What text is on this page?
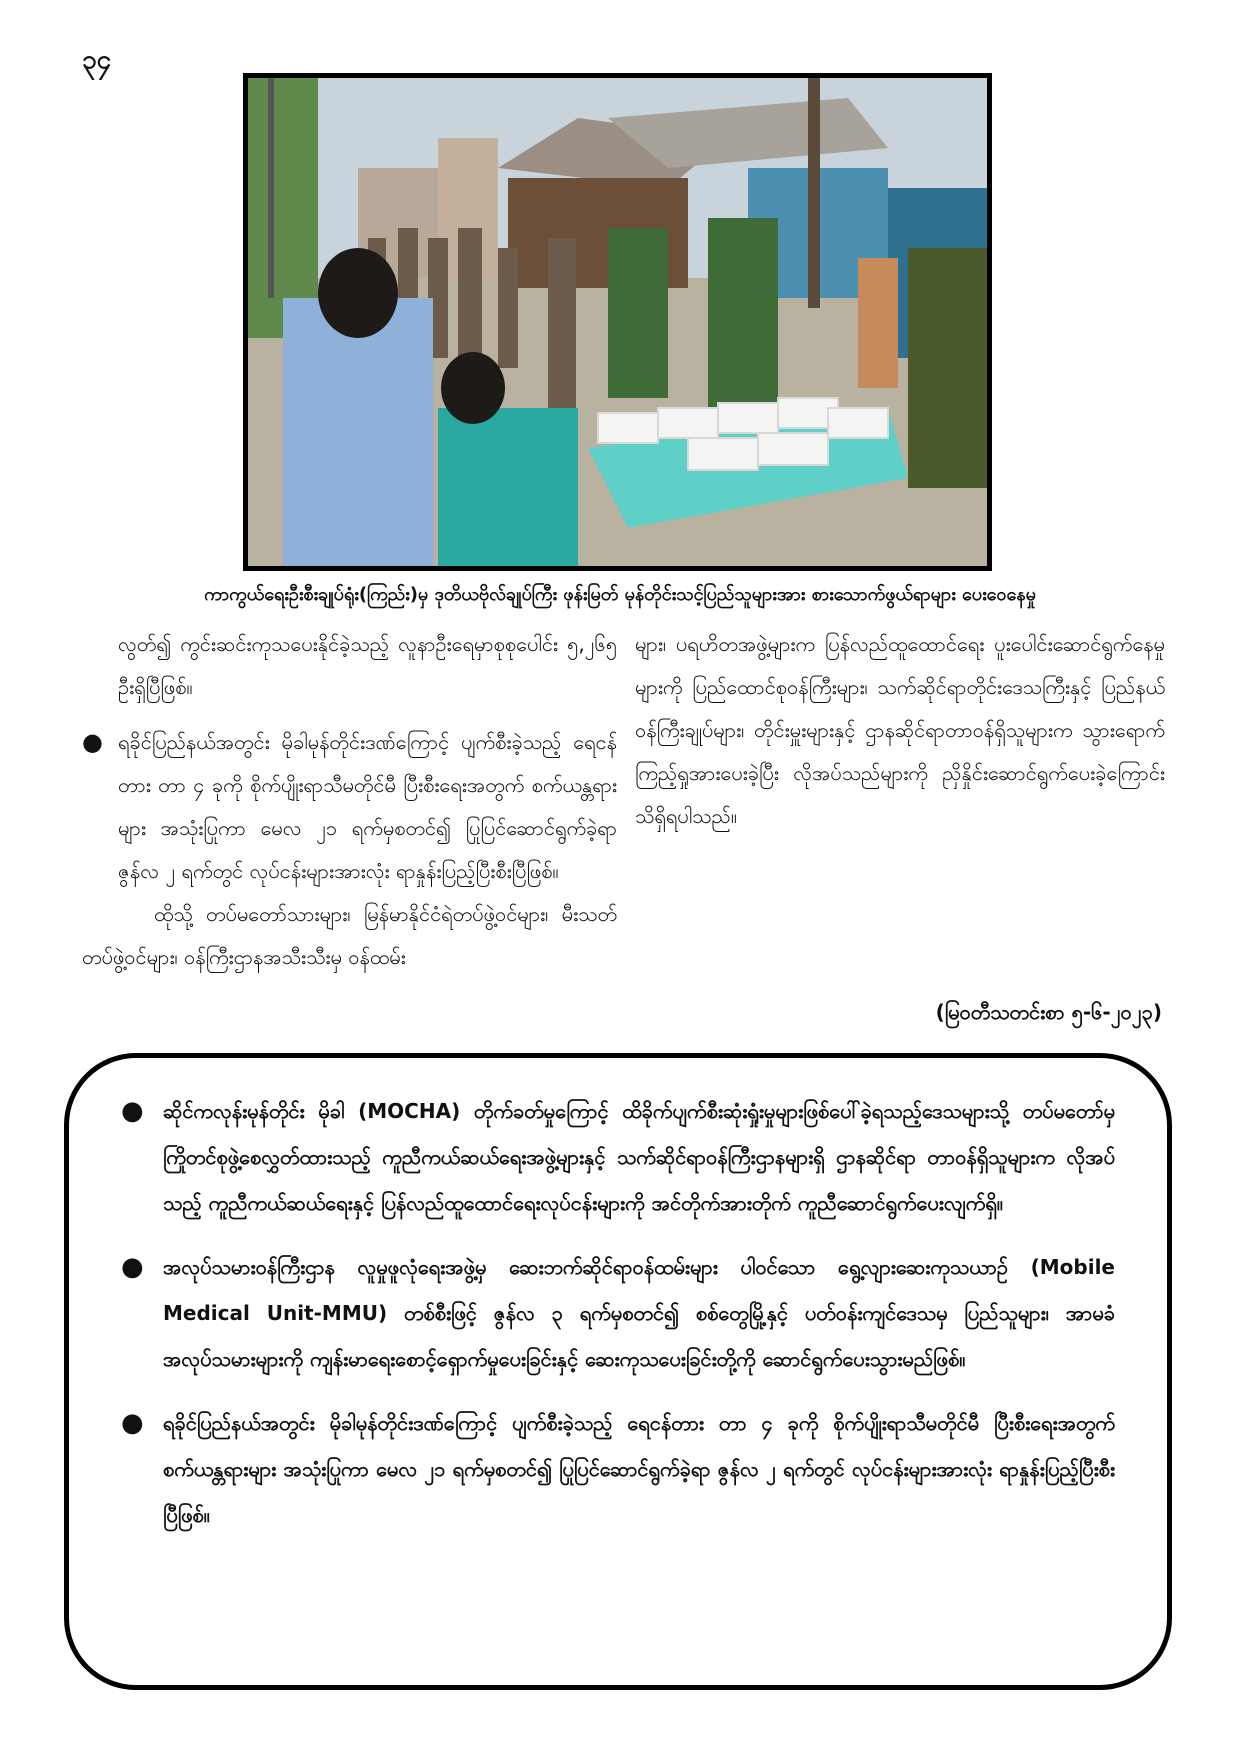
၃၄
ကာကွယ်ရေးဦးစီးချုပ်ရုံး(ကြည်း)မှ ဒုတိယဗိုလ်ချုပ်ကြီး ဖုန်းမြတ် မုန်တိုင်းသင့်ပြည်သူများအား စားသောက်ဖွယ်ရာများ ပေးဝေနေမှု
လွတ်၍ ကွင်းဆင်းကုသပေးနိုင်ခဲ့သည့် လူနာဦးရေမှာစုစုပေါင်း ၅,၂၆၅ ဦးရှိပြီဖြစ်။
● ရခိုင်ပြည်နယ်အတွင်း မိုခါမုန်တိုင်းဒဏ်ကြောင့် ပျက်စီးခဲ့သည့် ရေငန်တား တာ ၄ ခုကို စိုက်ပျိုးရာသီမတိုင်မီ ပြီးစီးရေးအတွက် စက်ယန္တရားများ အသုံးပြုကာ မေလ ၂၁ ရက်မှစတင်၍ ပြုပြင်ဆောင်ရွက်ခဲ့ရာ ဇွန်လ ၂ ရက်တွင် လုပ်ငန်းများအားလုံး ရာနှုန်းပြည့်ပြီးစီးပြီဖြစ်။
ထိုသို့ တပ်မတော်သားများ၊ မြန်မာနိုင်ငံရဲတပ်ဖွဲ့ဝင်များ၊ မီးသတ်တပ်ဖွဲ့ဝင်များ၊ ဝန်ကြီးဌာနအသီးသီးမှ ဝန်ထမ်း
များ၊ ပရဟိတအဖွဲ့များက ပြန်လည်ထူထောင်ရေး ပူးပေါင်းဆောင်ရွက်နေမှုများကို ပြည်ထောင်စုဝန်ကြီးများ၊ သက်ဆိုင်ရာတိုင်းဒေသကြီးနှင့် ပြည်နယ်ဝန်ကြီးချုပ်များ၊ တိုင်းမှူးများနှင့် ဌာနဆိုင်ရာတာဝန်ရှိသူများက သွားရောက်ကြည့်ရှုအားပေးခဲ့ပြီး လိုအပ်သည်များကို ညှိနှိုင်းဆောင်ရွက်ပေးခဲ့ကြောင်း သိရှိရပါသည်။
(မြဝတီသတင်းစာ ၅-၆-၂၀၂၃)
● ဆိုင်ကလုန်းမုန်တိုင်း မိုခါ (MOCHA) တိုက်ခတ်မှုကြောင့် ထိခိုက်ပျက်စီးဆုံးရှုံးမှုများဖြစ်ပေါ်ခဲ့ရသည့်ဒေသများသို့ တပ်မတော်မှ ကြိုတင်စုဖွဲ့စေလွှတ်ထားသည့် ကူညီကယ်ဆယ်ရေးအဖွဲ့များနှင့် သက်ဆိုင်ရာဝန်ကြီးဌာနများရှိ ဌာနဆိုင်ရာ တာဝန်ရှိသူများက လိုအပ်သည့် ကူညီကယ်ဆယ်ရေးနှင့် ပြန်လည်ထူထောင်ရေးလုပ်ငန်းများကို အင်တိုက်အားတိုက် ကူညီဆောင်ရွက်ပေးလျက်ရှိ။
● အလုပ်သမားဝန်ကြီးဌာန လူမှုဖူလုံရေးအဖွဲ့မှ ဆေးဘက်ဆိုင်ရာဝန်ထမ်းများ ပါဝင်သော ရွေ့လျားဆေးကုသယာဉ် (Mobile Medical Unit-MMU) တစ်စီးဖြင့် ဇွန်လ ၃ ရက်မှစတင်၍ စစ်တွေမြို့နှင့် ပတ်ဝန်းကျင်ဒေသမှ ပြည်သူများ၊ အာမခံအလုပ်သမားများကို ကျန်းမာရေးစောင့်ရှောက်မှုပေးခြင်းနှင့် ဆေးကုသပေးခြင်းတို့ကို ဆောင်ရွက်ပေးသွားမည်ဖြစ်။
● ရခိုင်ပြည်နယ်အတွင်း မိုခါမုန်တိုင်းဒဏ်ကြောင့် ပျက်စီးခဲ့သည့် ရေငန်တား တာ ၄ ခုကို စိုက်ပျိုးရာသီမတိုင်မီ ပြီးစီးရေးအတွက် စက်ယန္တရားများ အသုံးပြုကာ မေလ ၂၁ ရက်မှစတင်၍ ပြုပြင်ဆောင်ရွက်ခဲ့ရာ ဇွန်လ ၂ ရက်တွင် လုပ်ငန်းများအားလုံး ရာနှုန်းပြည့်ပြီးစီးပြီဖြစ်။
